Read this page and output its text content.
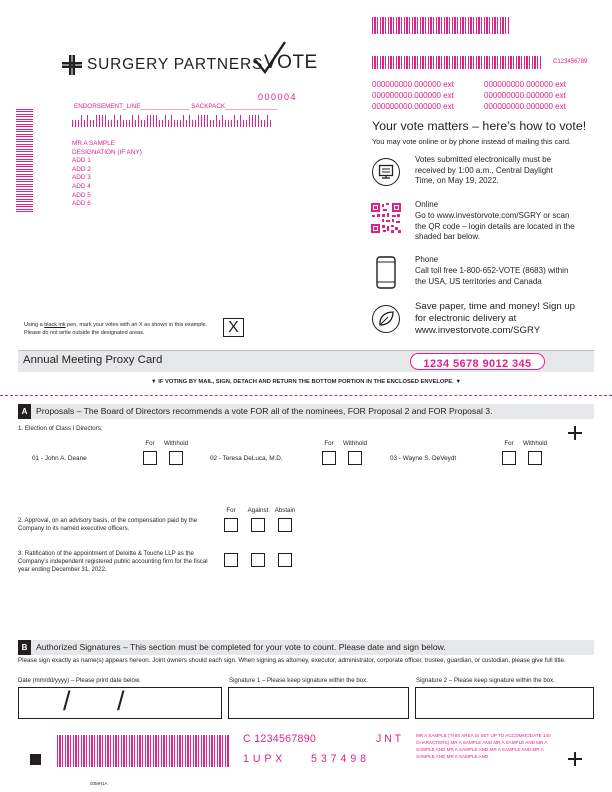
SURGERY PARTNERS VOTE	C123456789
000000000.000000 ext	000000000.000000 ext
000000000.000000 ext	000000000.000000 ext
000000000.000000 ext	000000000.000000 ext
000004
ENDORSEMENT_LINE______________ SACKPACK_______________
MR A SAMPLE
DESIGNATION (IF ANY)
ADD 1
ADD 2
ADD 3
ADD 4
ADD 5
ADD 6
Your vote matters – here’s how to vote!
You may vote online or by phone instead of mailing this card.
Votes submitted electronically must be received by 1:00 a.m., Central Daylight Time, on May 19, 2022.
Online
Go to www.investorvote.com/SGRY or scan the QR code – login details are located in the shaded bar below.
Phone
Call toll free 1-800-652-VOTE (8683) within the USA, US territories and Canada
Save paper, time and money! Sign up for electronic delivery at www.investorvote.com/SGRY
Using a black ink pen, mark your votes with an X as shown in this example.
Please do not write outside the designated areas.	X
Annual Meeting Proxy Card	1234 5678 9012 345
▼ IF VOTING BY MAIL, SIGN, DETACH AND RETURN THE BOTTOM PORTION IN THE ENCLOSED ENVELOPE. ▼
A	Proposals – The Board of Directors recommends a vote FOR all of the nominees, FOR Proposal 2 and FOR Proposal 3.
1. Election of Class I Directors:
For	Withhold	For	Withhold	For	Withhold
01 - John A. Deane	02 - Teresa DeLuca, M.D.	03 - Wayne S. DeVeydt
For	Against	Abstain
2. Approval, on an advisory basis, of the compensation paid by the Company to its named executive officers.
3. Ratification of the appointment of Deloitte & Touche LLP as the Company’s independent registered public accounting firm for the fiscal year ending December 31, 2022.
B	Authorized Signatures – This section must be completed for your vote to count. Please date and sign below.
Please sign exactly as name(s) appears hereon. Joint owners should each sign. When signing as attorney, executor, administrator, corporate officer, trustee, guardian, or custodian, please give full title.
Date (mm/dd/yyyy) – Please print date below.	Signature 1 – Please keep signature within the box.	Signature 2 – Please keep signature within the box.
/ /
C 1234567890	J N T
1 U P X	5 3 7 4 9 8
MR A SAMPLE (THIS AREA IS SET UP TO ACCOMMODATE 140 CHARACTERS) MR A SAMPLE AND MR A SAMPLE AND MR A SAMPLE AND MR A SAMPLE AND MR A SAMPLE AND MR A SAMPLE AND MR A SAMPLE AND
03MH1A
